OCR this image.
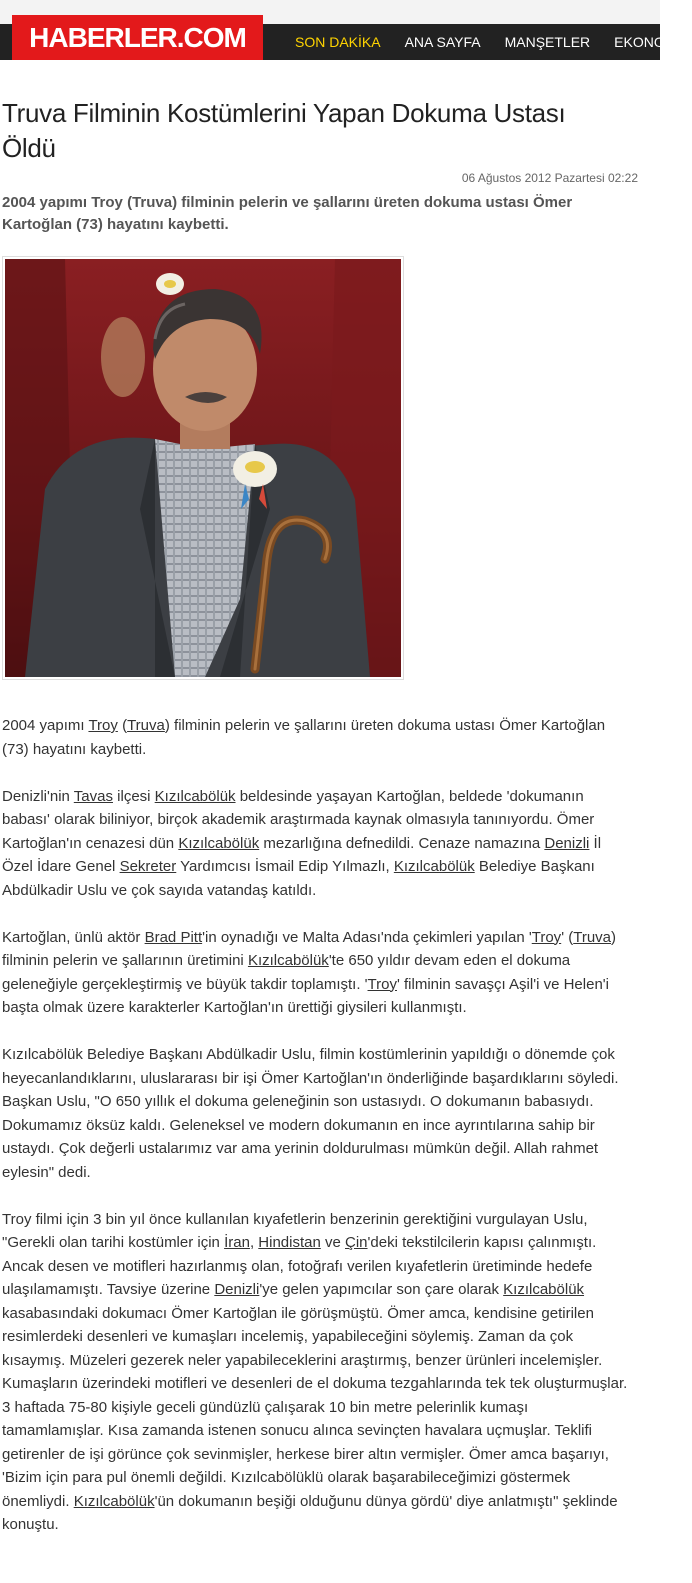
HABERLER.COM	SON DAKİKA	ANA SAYFA	MANŞETLER	EKONOMİ
Truva Filminin Kostümlerini Yapan Dokuma Ustası Öldü
06 Ağustos 2012 Pazartesi 02:22
2004 yapımı Troy (Truva) filminin pelerin ve şallarını üreten dokuma ustası Ömer Kartoğlan (73) hayatını kaybetti.

2004 yapımı Troy (Truva) filminin pelerin ve şallarını üreten dokuma ustası Ömer Kartoğlan (73) hayatını kaybetti.

Denizli'nin Tavas ilçesi Kızılcabölük beldesinde yaşayan Kartoğlan, beldede 'dokumanın babası' olarak biliniyor, birçok akademik araştırmada kaynak olmasıyla tanınıyordu. Ömer Kartoğlan'ın cenazesi dün Kızılcabölük mezarlığına defnedildi. Cenaze namazına Denizli İl Özel İdare Genel Sekreter Yardımcısı İsmail Edip Yılmazlı, Kızılcabölük Belediye Başkanı Abdülkadir Uslu ve çok sayıda vatandaş katıldı.

Kartoğlan, ünlü aktör Brad Pitt'in oynadığı ve Malta Adası'nda çekimleri yapılan 'Troy' (Truva) filminin pelerin ve şallarının üretimini Kızılcabölük'te 650 yıldır devam eden el dokuma geleneğiyle gerçekleştirmiş ve büyük takdir toplamıştı. 'Troy' filminin savaşçı Aşil'i ve Helen'i başta olmak üzere karakterler Kartoğlan'ın ürettiği giysileri kullanmıştı.

Kızılcabölük Belediye Başkanı Abdülkadir Uslu, filmin kostümlerinin yapıldığı o dönemde çok heyecanlandıklarını, uluslararası bir işi Ömer Kartoğlan'ın önderliğinde başardıklarını söyledi. Başkan Uslu, "O 650 yıllık el dokuma geleneğinin son ustasıydı. O dokumanın babasıydı. Dokumamız öksüz kaldı. Geleneksel ve modern dokumanın en ince ayrıntılarına sahip bir ustaydı. Çok değerli ustalarımız var ama yerinin doldurulması mümkün değil. Allah rahmet eylesin" dedi.

Troy filmi için 3 bin yıl önce kullanılan kıyafetlerin benzerinin gerektiğini vurgulayan Uslu, "Gerekli olan tarihi kostümler için İran, Hindistan ve Çin'deki tekstilcilerin kapısı çalınmıştı. Ancak desen ve motifleri hazırlanmış olan, fotoğrafı verilen kıyafetlerin üretiminde hedefe ulaşılamamıştı. Tavsiye üzerine Denizli'ye gelen yapımcılar son çare olarak Kızılcabölük kasabasındaki dokumacı Ömer Kartoğlan ile görüşmüştü. Ömer amca, kendisine getirilen resimlerdeki desenleri ve kumaşları incelemiş, yapabileceğini söylemiş. Zaman da çok kısaymış. Müzeleri gezerek neler yapabileceklerini araştırmış, benzer ürünleri incelemişler. Kumaşların üzerindeki motifleri ve desenleri de el dokuma tezgahlarında tek tek oluşturmuşlar. 3 haftada 75-80 kişiyle geceli gündüzlü çalışarak 10 bin metre pelerinlik kumaşı tamamlamışlar. Kısa zamanda istenen sonucu alınca sevinçten havalara uçmuşlar. Teklifi getirenler de işi görünce çok sevinmişler, herkese birer altın vermişler. Ömer amca başarıyı, 'Bizim için para pul önemli değildi. Kızılcabölüklü olarak başarabileceğimizi göstermek önemliydi. Kızılcabölük'ün dokumanın beşiği olduğunu dünya gördü' diye anlatmıştı" şeklinde konuştu.
